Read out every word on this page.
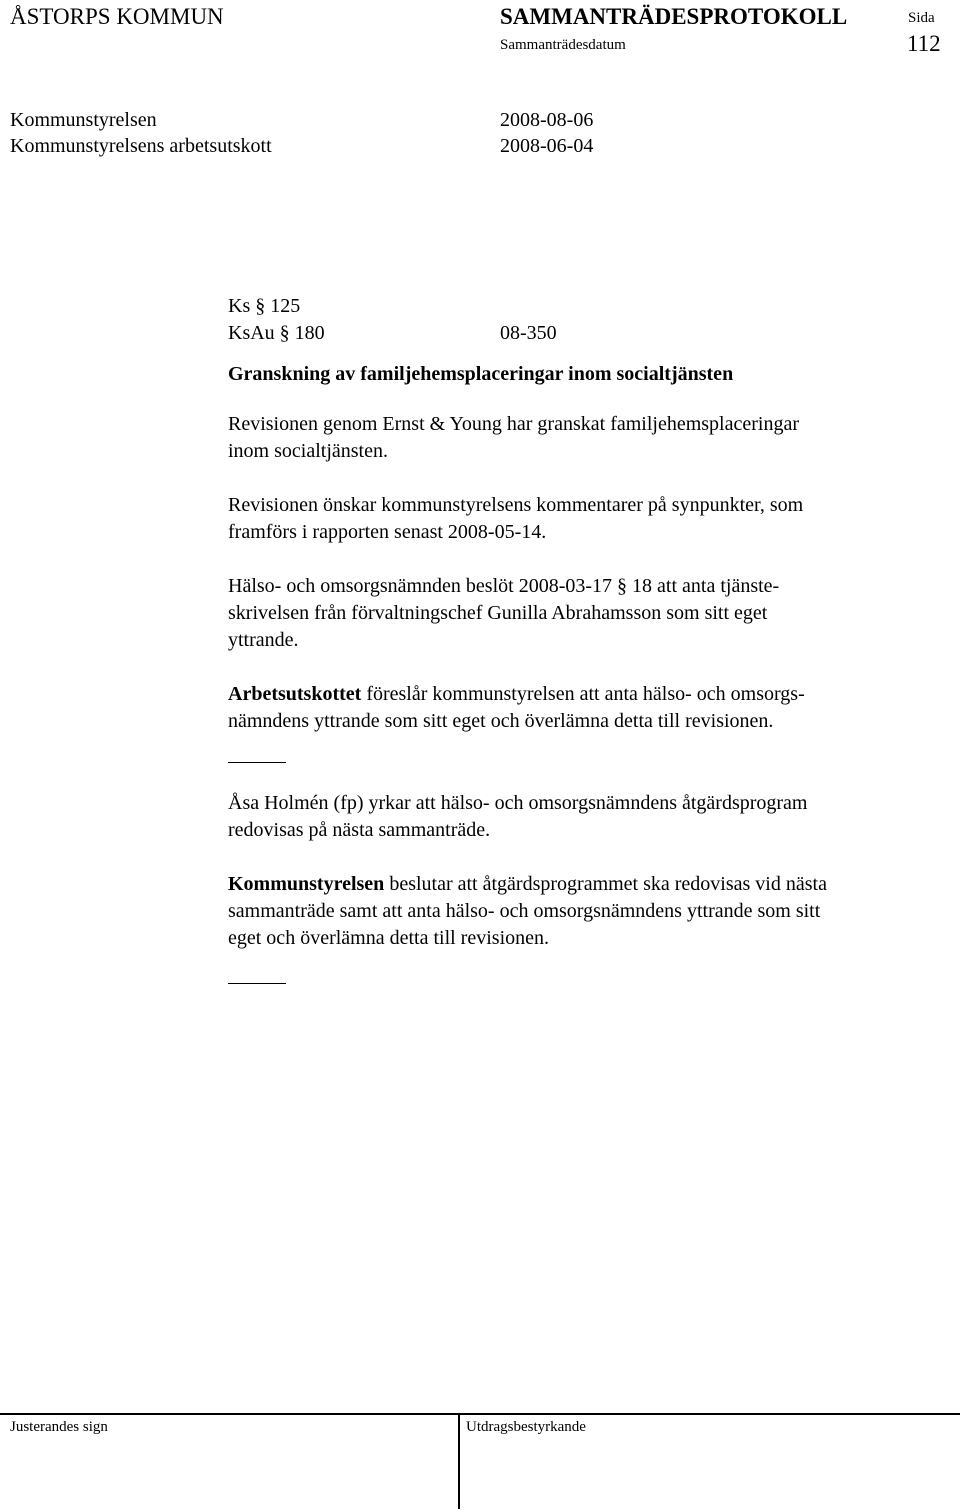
ÅSTORPS KOMMUN	SAMMANTRÄDESPROTOKOLL	Sida
Sammanträdesdatum	112
Kommunstyrelsen	2008-08-06
Kommunstyrelsens arbetsutskott	2008-06-04
Ks § 125
KsAu § 180	08-350

Granskning av familjehemsplaceringar inom socialtjänsten

Revisionen genom Ernst & Young har granskat familjehemsplaceringar
inom socialtjänsten.

Revisionen önskar kommunstyrelsens kommentarer på synpunkter, som
framförs i rapporten senast 2008-05-14.

Hälso- och omsorgsnämnden beslöt 2008-03-17 § 18 att anta tjänste-
skrivelsen från förvaltningschef Gunilla Abrahamsson som sitt eget
yttrande.

Arbetsutskottet föreslår kommunstyrelsen att anta hälso- och omsorgs-
nämndens yttrande som sitt eget och överlämna detta till revisionen.

Åsa Holmén (fp) yrkar att hälso- och omsorgsnämndens åtgärdsprogram
redovisas på nästa sammanträde.

Kommunstyrelsen beslutar att åtgärdsprogrammet ska redovisas vid nästa
sammanträde samt att anta hälso- och omsorgsnämndens yttrande som sitt
eget och överlämna detta till revisionen.

Justerandes sign	Utdragsbestyrkande
